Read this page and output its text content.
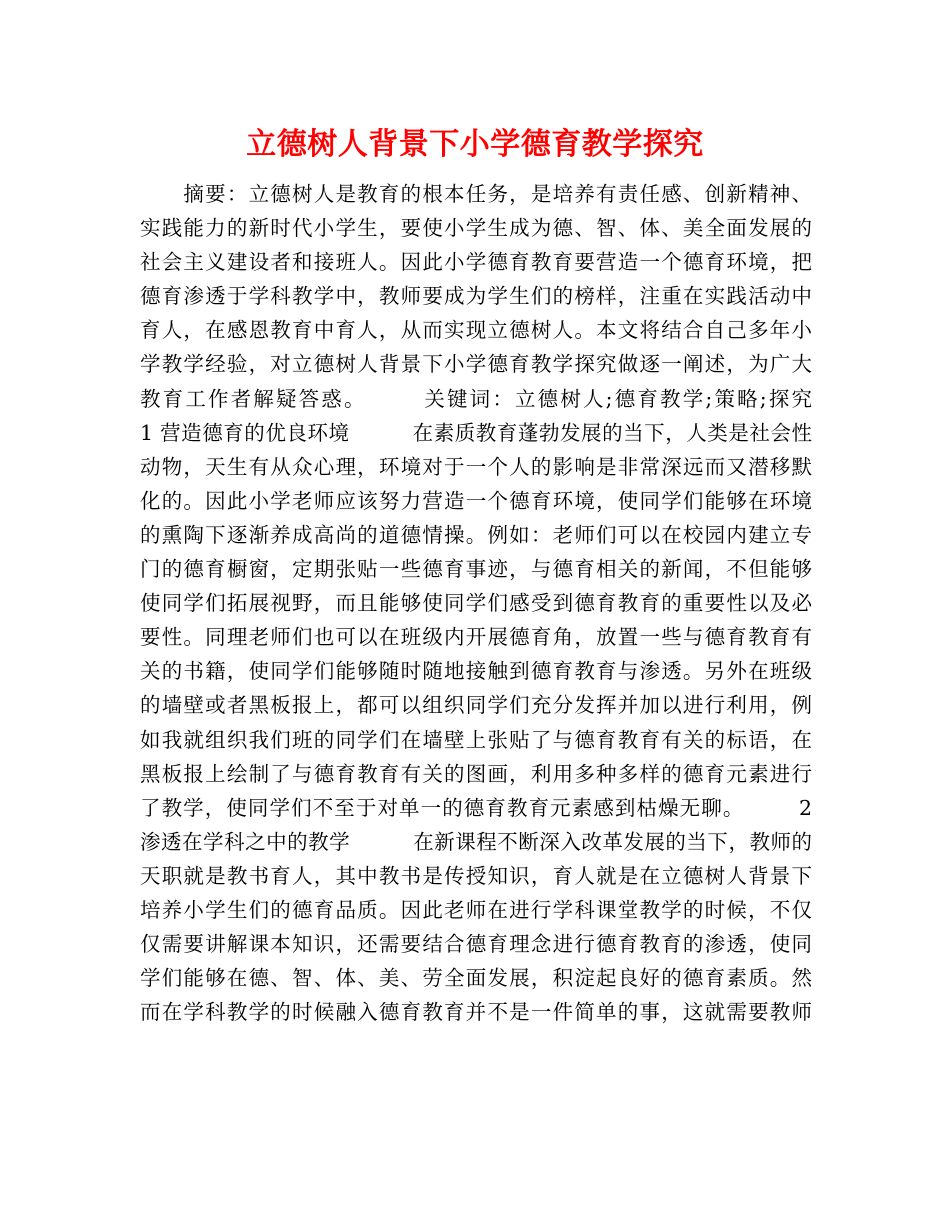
立德树人背景下小学德育教学探究
　　摘要：立德树人是教育的根本任务，是培养有责任感、创新精神、
实践能力的新时代小学生，要使小学生成为德、智、体、美全面发展的
社会主义建设者和接班人。因此小学德育教育要营造一个德育环境，把
德育渗透于学科教学中，教师要成为学生们的榜样，注重在实践活动中
育人，在感恩教育中育人，从而实现立德树人。本文将结合自己多年小
学教学经验，对立德树人背景下小学德育教学探究做逐一阐述，为广大
教育工作者解疑答惑。　　　关键词：立德树人;德育教学;策略;探究
1 营造德育的优良环境　　　在素质教育蓬勃发展的当下，人类是社会性
动物，天生有从众心理，环境对于一个人的影响是非常深远而又潜移默
化的。因此小学老师应该努力营造一个德育环境，使同学们能够在环境
的熏陶下逐渐养成高尚的道德情操。例如：老师们可以在校园内建立专
门的德育橱窗，定期张贴一些德育事迹，与德育相关的新闻，不但能够
使同学们拓展视野，而且能够使同学们感受到德育教育的重要性以及必
要性。同理老师们也可以在班级内开展德育角，放置一些与德育教育有
关的书籍，使同学们能够随时随地接触到德育教育与渗透。另外在班级
的墙壁或者黑板报上，都可以组织同学们充分发挥并加以进行利用，例
如我就组织我们班的同学们在墙壁上张贴了与德育教育有关的标语，在
黑板报上绘制了与德育教育有关的图画，利用多种多样的德育元素进行
了教学，使同学们不至于对单一的德育教育元素感到枯燥无聊。　　　2
渗透在学科之中的教学　　　在新课程不断深入改革发展的当下，教师的
天职就是教书育人，其中教书是传授知识，育人就是在立德树人背景下
培养小学生们的德育品质。因此老师在进行学科课堂教学的时候，不仅
仅需要讲解课本知识，还需要结合德育理念进行德育教育的渗透，使同
学们能够在德、智、体、美、劳全面发展，积淀起良好的德育素质。然
而在学科教学的时候融入德育教育并不是一件简单的事，这就需要教师
